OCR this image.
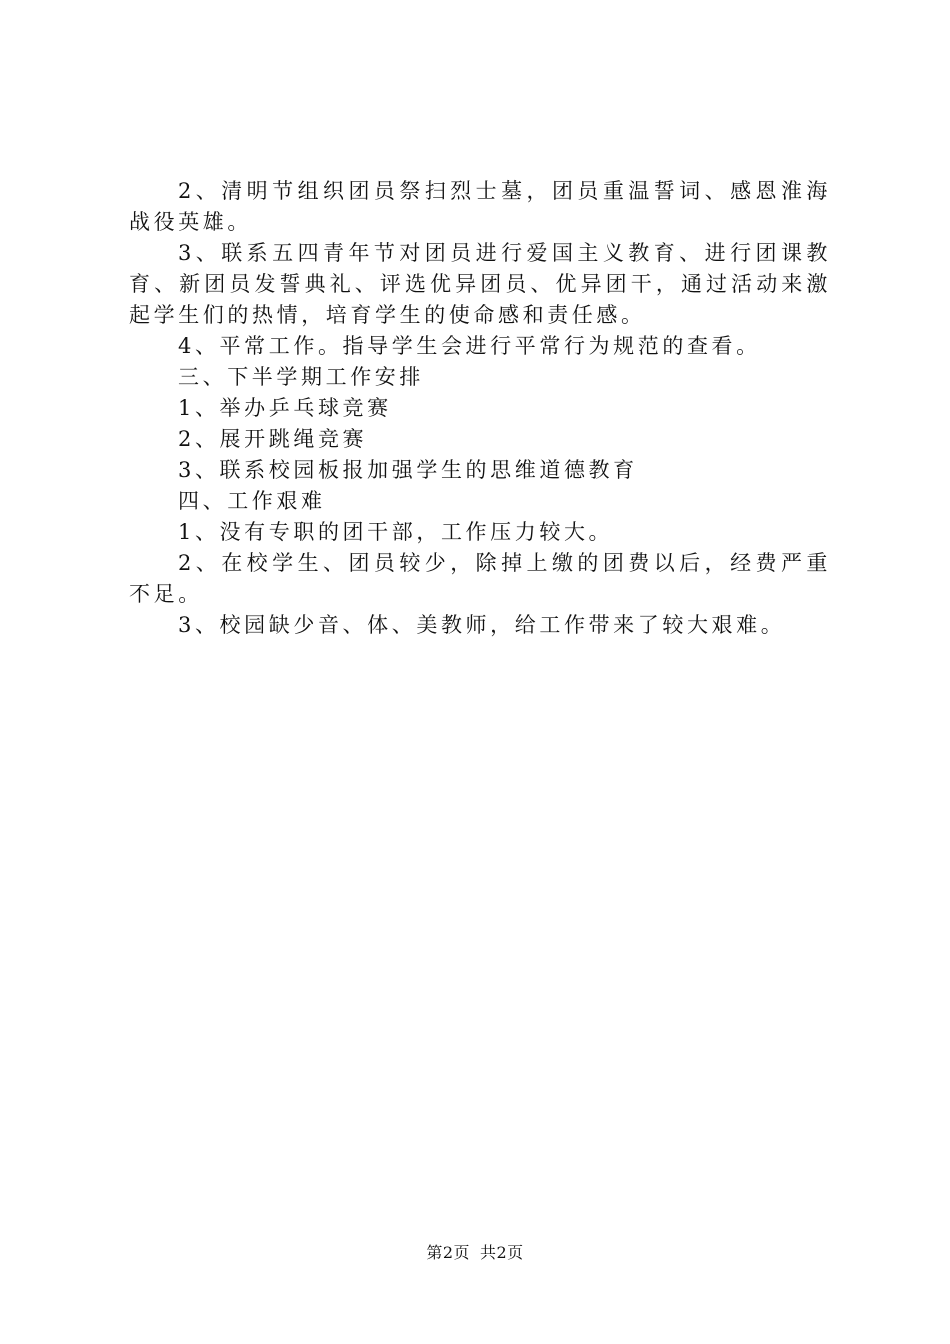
2、清明节组织团员祭扫烈士墓，团员重温誓词、感恩淮海战役英雄。

3、联系五四青年节对团员进行爱国主义教育、进行团课教育、新团员发誓典礼、评选优异团员、优异团干，通过活动来激起学生们的热情，培育学生的使命感和责任感。

4、平常工作。指导学生会进行平常行为规范的查看。

三、下半学期工作安排

1、举办乒乓球竞赛

2、展开跳绳竞赛

3、联系校园板报加强学生的思维道德教育

四、工作艰难

1、没有专职的团干部，工作压力较大。

2、在校学生、团员较少，除掉上缴的团费以后，经费严重不足。

3、校园缺少音、体、美教师，给工作带来了较大艰难。

第2页 共2页
